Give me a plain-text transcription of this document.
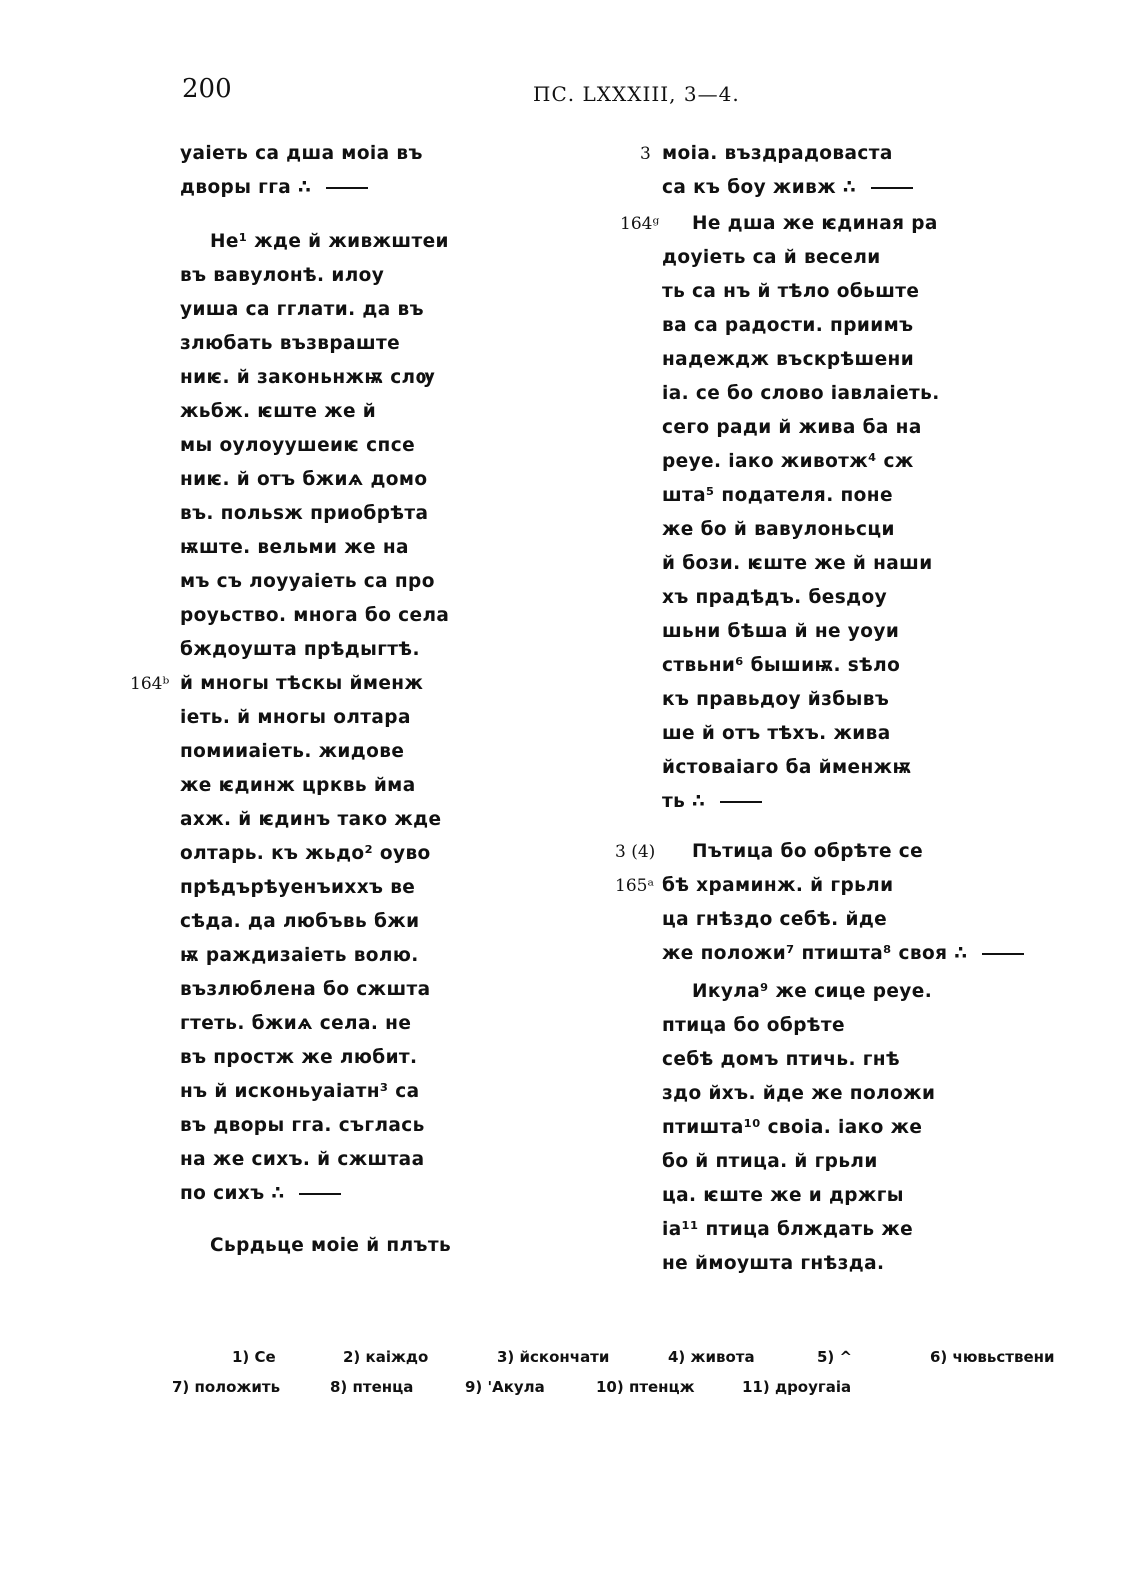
200	ПС. LXXXIII, 3—4.
уаіеть са дша моіа въ
дворы гга ∴
Не¹ жде й живжштеи
въ вавулонѣ. илоу
уиша са гглати. да въ
злюбать възвраште
ниѥ. й законьнжѭ слѹ
жьбж. ѥште же й
мы оулоуушеиѥ спсе
ниѥ. й отъ бжиѧ домо
въ. польѕж приобрѣта
ѭште. вельми же на
мъ съ лоууаіеть са про
роуьство. многа бо села
бждоушта прѣдыгтѣ.
й многы тѣскы йменж
іеть. й многы олтара
помииаіеть. жидове
же ѥдинж црквь йма
ахж. й ѥдинъ тако жде
олтарь. къ жьдо² оуво
прѣдърѣуенъиххъ ве
сѣда. да любъвь бжи
ѭ раждизаіеть волю.
възлюблена бо сжшта
гтеть. бжиѧ села. не
въ простж же любит.
нъ й исконьуаіатн³ са
въ дворы гга. съглась
на же сихъ. й сжштаа
по сихъ ∴
Сьрдьце моіе й плъть
164ᵇ
моіа. въздрадоваста
са къ боу живж ∴
Не дша же ѥдиная ра
доуіеть са й весели
ть са нъ й тѣло обьште
ва са радости. приимъ
надеждж въскрѣшени
іа. се бо слово іавлаіеть.
сего ради й жива ба на
реуе. іако животж⁴ сж
шта⁵ подателя. поне
же бо й вавулоньсци
й бози. ѥште же й наши
хъ прадѣдъ. беѕдоу
шьни бѣша й не уоуи
ствьни⁶ бышиѭ. ѕѣло
къ правьдоу йзбывъ
ше й отъ тѣхъ. жива
йстоваіаго ба йменжѭ
ть ∴
Пътица бо обрѣте се
бѣ храминж. й грьли
ца гнѣздо себѣ. йде
же положи⁷ птишта⁸ своя ∴
Икула⁹ же сице реуе.
птица бо обрѣте
себѣ домъ птичь. гнѣ
здо йхъ. йде же положи
птишта¹⁰ своіа. іако же
бо й птица. й грьли
ца. ѥште же и држгы
іа¹¹ птица блждать же
не ймоушта гнѣзда.
3
164ᵍ
3 (4)
165ᵃ
1) Се	2) каіждо	3) йскончати	4) живота	5) ^	6) чювьствени
7) положить	8) птенца	9) 'Акула	10) птенцж	11) дроугаіа
